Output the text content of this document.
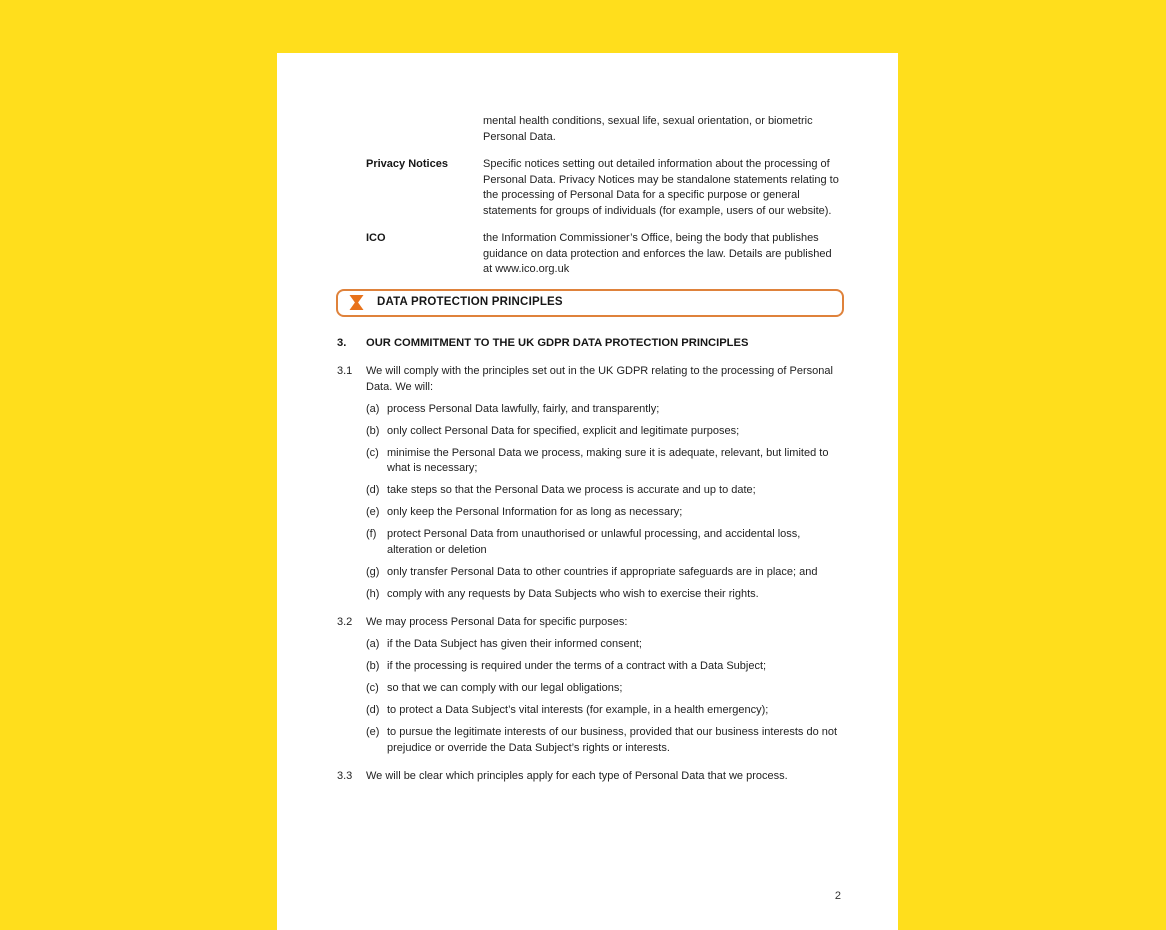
mental health conditions, sexual life, sexual orientation, or biometric Personal Data.

Privacy Notices	Specific notices setting out detailed information about the processing of Personal Data. Privacy Notices may be standalone statements relating to the processing of Personal Data for a specific purpose or general statements for groups of individuals (for example, users of our website).
ICO	the Information Commissioner’s Office, being the body that publishes guidance on data protection and enforces the law. Details are published at www.ico.org.uk
DATA PROTECTION PRINCIPLES
3.	OUR COMMITMENT TO THE UK GDPR DATA PROTECTION PRINCIPLES
3.1	We will comply with the principles set out in the UK GDPR relating to the processing of Personal Data. We will:

(a) process Personal Data lawfully, fairly, and transparently;
(b) only collect Personal Data for specified, explicit and legitimate purposes;
(c) minimise the Personal Data we process, making sure it is adequate, relevant, but limited to what is necessary;
(d) take steps so that the Personal Data we process is accurate and up to date;
(e) only keep the Personal Information for as long as necessary;
(f) protect Personal Data from unauthorised or unlawful processing, and accidental loss, alteration or deletion
(g) only transfer Personal Data to other countries if appropriate safeguards are in place; and
(h) comply with any requests by Data Subjects who wish to exercise their rights.
3.2	We may process Personal Data for specific purposes:

(a) if the Data Subject has given their informed consent;
(b) if the processing is required under the terms of a contract with a Data Subject;
(c) so that we can comply with our legal obligations;
(d) to protect a Data Subject’s vital interests (for example, in a health emergency);
(e) to pursue the legitimate interests of our business, provided that our business interests do not prejudice or override the Data Subject’s rights or interests.
3.3	We will be clear which principles apply for each type of Personal Data that we process.

2
